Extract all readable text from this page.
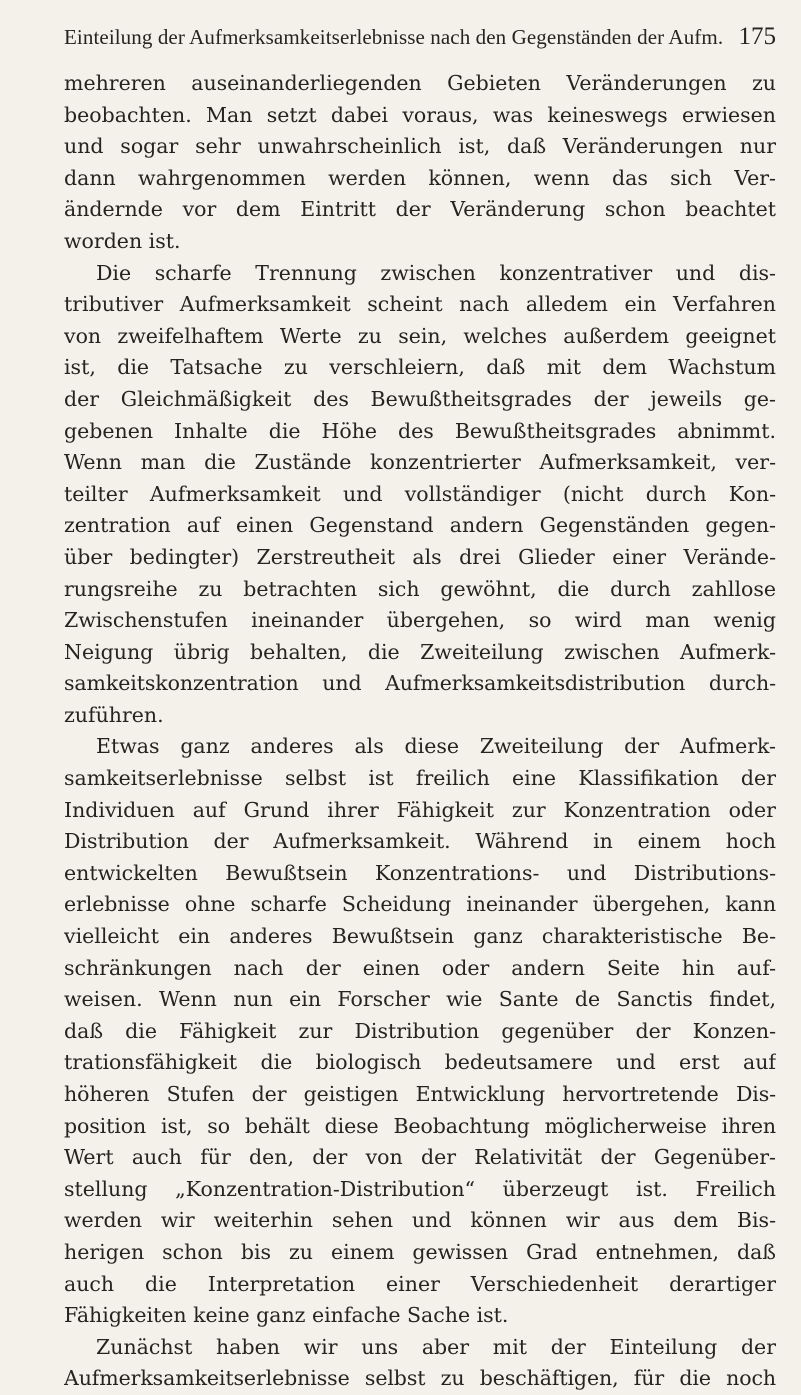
Einteilung der Aufmerksamkeitserlebnisse nach den Gegenständen der Aufm. 175
mehreren auseinanderliegenden Gebieten Veränderungen zu
beobachten. Man setzt dabei voraus, was keineswegs erwiesen
und sogar sehr unwahrscheinlich ist, daß Veränderungen nur
dann wahrgenommen werden können, wenn das sich Ver-
ändernde vor dem Eintritt der Veränderung schon beachtet
worden ist.
Die scharfe Trennung zwischen konzentrativer und dis-
tributiver Aufmerksamkeit scheint nach alledem ein Verfahren
von zweifelhaftem Werte zu sein, welches außerdem geeignet
ist, die Tatsache zu verschleiern, daß mit dem Wachstum
der Gleichmäßigkeit des Bewußtheitsgrades der jeweils ge-
gebenen Inhalte die Höhe des Bewußtheitsgrades abnimmt.
Wenn man die Zustände konzentrierter Aufmerksamkeit, ver-
teilter Aufmerksamkeit und vollständiger (nicht durch Kon-
zentration auf einen Gegenstand andern Gegenständen gegen-
über bedingter) Zerstreutheit als drei Glieder einer Verände-
rungsreihe zu betrachten sich gewöhnt, die durch zahllose
Zwischenstufen ineinander übergehen, so wird man wenig
Neigung übrig behalten, die Zweiteilung zwischen Aufmerk-
samkeitskonzentration und Aufmerksamkeitsdistribution durch-
zuführen.
Etwas ganz anderes als diese Zweiteilung der Aufmerk-
samkeitserlebnisse selbst ist freilich eine Klassifikation der
Individuen auf Grund ihrer Fähigkeit zur Konzentration oder
Distribution der Aufmerksamkeit. Während in einem hoch
entwickelten Bewußtsein Konzentrations- und Distributions-
erlebnisse ohne scharfe Scheidung ineinander übergehen, kann
vielleicht ein anderes Bewußtsein ganz charakteristische Be-
schränkungen nach der einen oder andern Seite hin auf-
weisen. Wenn nun ein Forscher wie Sante de Sanctis findet,
daß die Fähigkeit zur Distribution gegenüber der Konzen-
trationsfähigkeit die biologisch bedeutsamere und erst auf
höheren Stufen der geistigen Entwicklung hervortretende Dis-
position ist, so behält diese Beobachtung möglicherweise ihren
Wert auch für den, der von der Relativität der Gegenüber-
stellung „Konzentration-Distribution“ überzeugt ist. Freilich
werden wir weiterhin sehen und können wir aus dem Bis-
herigen schon bis zu einem gewissen Grad entnehmen, daß
auch die Interpretation einer Verschiedenheit derartiger
Fähigkeiten keine ganz einfache Sache ist.
Zunächst haben wir uns aber mit der Einteilung der
Aufmerksamkeitserlebnisse selbst zu beschäftigen, für die noch
